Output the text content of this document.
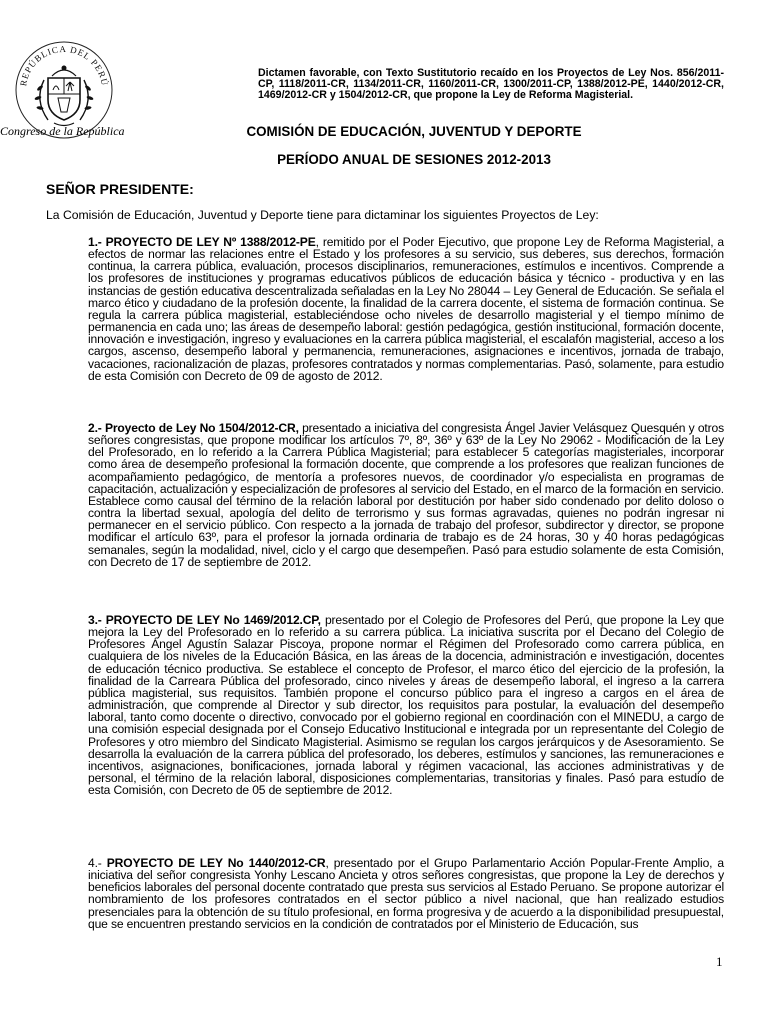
REPÚBLICA DEL PERÚ
Congreso de la República
Dictamen favorable, con Texto Sustitutorio recaído en los Proyectos de Ley Nos. 856/2011-CP, 1118/2011-CR, 1134/2011-CR, 1160/2011-CR, 1300/2011-CP, 1388/2012-PE, 1440/2012-CR, 1469/2012-CR y 1504/2012-CR, que propone la Ley de Reforma Magisterial.
COMISIÓN DE EDUCACIÓN, JUVENTUD Y DEPORTE
PERÍODO ANUAL DE SESIONES 2012-2013
SEÑOR PRESIDENTE:
La Comisión de Educación, Juventud y Deporte tiene para dictaminar los siguientes Proyectos de Ley:
1.- PROYECTO DE LEY Nº 1388/2012-PE, remitido por el Poder Ejecutivo, que propone Ley de Reforma Magisterial, a efectos de normar las relaciones entre el Estado y los profesores a su servicio, sus deberes, sus derechos, formación continua, la carrera pública, evaluación, procesos disciplinarios, remuneraciones, estímulos e incentivos. Comprende a los profesores de instituciones y programas educativos públicos de educación básica y técnico - productiva y en las instancias de gestión educativa descentralizada señaladas en la Ley No 28044 – Ley General de Educación. Se señala el marco ético y ciudadano de la profesión docente, la finalidad de la carrera docente, el sistema de formación continua. Se regula la carrera pública magisterial, estableciéndose ocho niveles de desarrollo magisterial y el tiempo mínimo de permanencia en cada uno; las áreas de desempeño laboral: gestión pedagógica, gestión institucional, formación docente, innovación e investigación, ingreso y evaluaciones en la carrera pública magisterial, el escalafón magisterial, acceso a los cargos, ascenso, desempeño laboral y permanencia, remuneraciones, asignaciones e incentivos, jornada de trabajo, vacaciones, racionalización de plazas, profesores contratados y normas complementarias. Pasó, solamente, para estudio de esta Comisión con Decreto de 09 de agosto de 2012.
2.- Proyecto de Ley No 1504/2012-CR, presentado a iniciativa del congresista Ángel Javier Velásquez Quesquén y otros señores congresistas, que propone modificar los artículos 7º, 8º, 36º y 63º de la Ley No 29062 - Modificación de la Ley del Profesorado, en lo referido a la Carrera Pública Magisterial; para establecer 5 categorías magisteriales, incorporar como área de desempeño profesional la formación docente, que comprende a los profesores que realizan funciones de acompañamiento pedagógico, de mentoría a profesores nuevos, de coordinador y/o especialista en programas de capacitación, actualización y especialización de profesores al servicio del Estado, en el marco de la formación en servicio. Establece como causal del término de la relación laboral por destitución por haber sido condenado por delito doloso o contra la libertad sexual, apología del delito de terrorismo y sus formas agravadas, quienes no podrán ingresar ni permanecer en el servicio público. Con respecto a la jornada de trabajo del profesor, subdirector y director, se propone modificar el artículo 63º, para el profesor la jornada ordinaria de trabajo es de 24 horas, 30 y 40 horas pedagógicas semanales, según la modalidad, nivel, ciclo y el cargo que desempeñen. Pasó para estudio solamente de esta Comisión, con Decreto de 17 de septiembre de 2012.
3.- PROYECTO DE LEY No 1469/2012.CP, presentado por el Colegio de Profesores del Perú, que propone la Ley que mejora la Ley del Profesorado en lo referido a su carrera pública. La iniciativa suscrita por el Decano del Colegio de Profesores Ángel Agustín Salazar Piscoya, propone normar el Régimen del Profesorado como carrera pública, en cualquiera de los niveles de la Educación Básica, en las áreas de la docencia, administración e investigación, docentes de educación técnico productiva. Se establece el concepto de Profesor, el marco ético del ejercicio de la profesión, la finalidad de la Carreara Pública del profesorado, cinco niveles y áreas de desempeño laboral, el ingreso a la carrera pública magisterial, sus requisitos. También propone el concurso público para el ingreso a cargos en el área de administración, que comprende al Director y sub director, los requisitos para postular, la evaluación del desempeño laboral, tanto como docente o directivo, convocado por el gobierno regional en coordinación con el MINEDU, a cargo de una comisión especial designada por el Consejo Educativo Institucional e integrada por un representante del Colegio de Profesores y otro miembro del Sindicato Magisterial. Asimismo se regulan los cargos jerárquicos y de Asesoramiento. Se desarrolla la evaluación de la carrera pública del profesorado, los deberes, estímulos y sanciones, las remuneraciones e incentivos, asignaciones, bonificaciones, jornada laboral y régimen vacacional, las acciones administrativas y de personal, el término de la relación laboral, disposiciones complementarias, transitorias y finales. Pasó para estudio de esta Comisión, con Decreto de 05 de septiembre de 2012.
4.- PROYECTO DE LEY No 1440/2012-CR, presentado por el Grupo Parlamentario Acción Popular-Frente Amplio, a iniciativa del señor congresista Yonhy Lescano Ancieta y otros señores congresistas, que propone la Ley de derechos y beneficios laborales del personal docente contratado que presta sus servicios al Estado Peruano. Se propone autorizar el nombramiento de los profesores contratados en el sector público a nivel nacional, que han realizado estudios presenciales para la obtención de su título profesional, en forma progresiva y de acuerdo a la disponibilidad presupuestal, que se encuentren prestando servicios en la condición de contratados por el Ministerio de Educación, sus
1
